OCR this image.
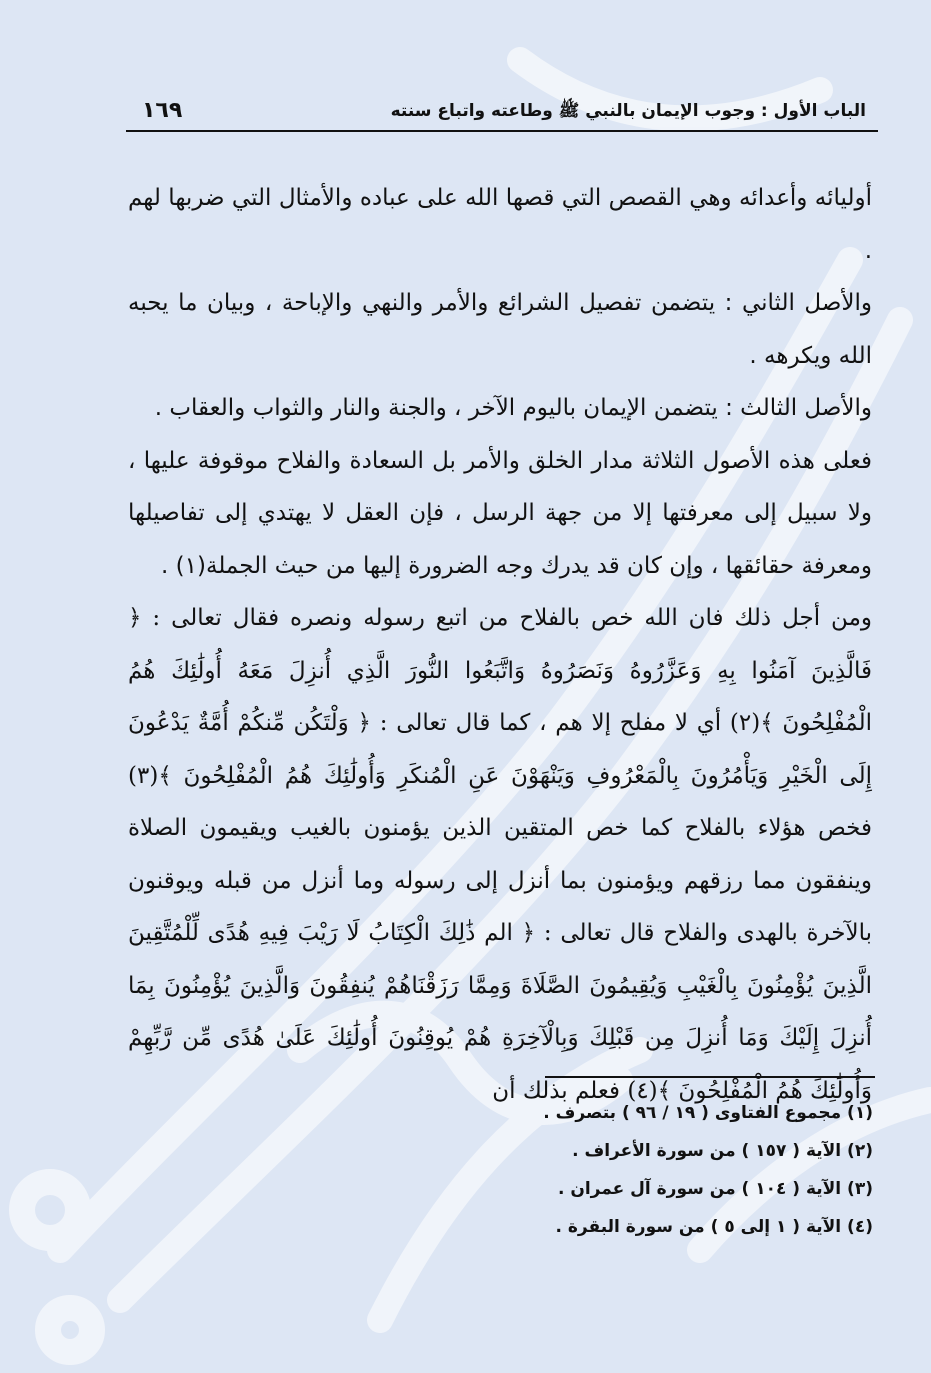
١٦٩	الباب الأول : وجوب الإيمان بالنبي ﷺ وطاعته واتباع سنته

أوليائه وأعدائه وهي القصص التي قصها الله على عباده والأمثال التي ضربها لهم .

والأصل الثاني : يتضمن تفصيل الشرائع والأمر والنهي والإباحة ، وبيان ما يحبه الله ويكرهه .

والأصل الثالث : يتضمن الإيمان باليوم الآخر ، والجنة والنار والثواب والعقاب .

فعلى هذه الأصول الثلاثة مدار الخلق والأمر بل السعادة والفلاح موقوفة عليها ، ولا سبيل إلى معرفتها إلا من جهة الرسل ، فإن العقل لا يهتدي إلى تفاصيلها ومعرفة حقائقها ، وإن كان قد يدرك وجه الضرورة إليها من حيث الجملة(١) .

ومن أجل ذلك فان الله خص بالفلاح من اتبع رسوله ونصره فقال تعالى : ﴿ فَالَّذِينَ آمَنُوا بِهِ وَعَزَّرُوهُ وَنَصَرُوهُ وَاتَّبَعُوا النُّورَ الَّذِي أُنزِلَ مَعَهُ أُولَٰئِكَ هُمُ الْمُفْلِحُونَ ﴾(٢) أي لا مفلح إلا هم ، كما قال تعالى : ﴿ وَلْتَكُن مِّنكُمْ أُمَّةٌ يَدْعُونَ إِلَى الْخَيْرِ وَيَأْمُرُونَ بِالْمَعْرُوفِ وَيَنْهَوْنَ عَنِ الْمُنكَرِ وَأُولَٰئِكَ هُمُ الْمُفْلِحُونَ ﴾(٣) فخص هؤلاء بالفلاح كما خص المتقين الذين يؤمنون بالغيب ويقيمون الصلاة وينفقون مما رزقهم ويؤمنون بما أنزل إلى رسوله وما أنزل من قبله ويوقنون بالآخرة بالهدى والفلاح قال تعالى : ﴿ الم ذَٰلِكَ الْكِتَابُ لَا رَيْبَ فِيهِ هُدًى لِّلْمُتَّقِينَ الَّذِينَ يُؤْمِنُونَ بِالْغَيْبِ وَيُقِيمُونَ الصَّلَاةَ وَمِمَّا رَزَقْنَاهُمْ يُنفِقُونَ وَالَّذِينَ يُؤْمِنُونَ بِمَا أُنزِلَ إِلَيْكَ وَمَا أُنزِلَ مِن قَبْلِكَ وَبِالْآخِرَةِ هُمْ يُوقِنُونَ أُولَٰئِكَ عَلَىٰ هُدًى مِّن رَّبِّهِمْ وَأُولَٰئِكَ هُمُ الْمُفْلِحُونَ ﴾(٤) فعلم بذلك أن

(١) مجموع الفتاوى ( ١٩ / ٩٦ ) بتصرف .
(٢) الآية ( ١٥٧ ) من سورة الأعراف .
(٣) الآية ( ١٠٤ ) من سورة آل عمران .
(٤) الآية ( ١ إلى ٥ ) من سورة البقرة .
